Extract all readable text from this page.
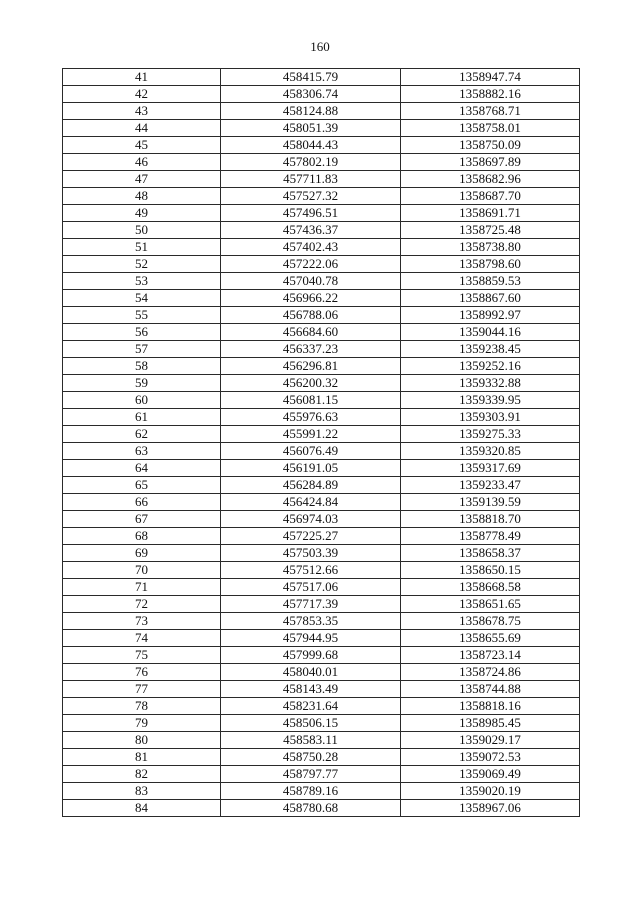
160
41	458415.79	1358947.74
42	458306.74	1358882.16
43	458124.88	1358768.71
44	458051.39	1358758.01
45	458044.43	1358750.09
46	457802.19	1358697.89
47	457711.83	1358682.96
48	457527.32	1358687.70
49	457496.51	1358691.71
50	457436.37	1358725.48
51	457402.43	1358738.80
52	457222.06	1358798.60
53	457040.78	1358859.53
54	456966.22	1358867.60
55	456788.06	1358992.97
56	456684.60	1359044.16
57	456337.23	1359238.45
58	456296.81	1359252.16
59	456200.32	1359332.88
60	456081.15	1359339.95
61	455976.63	1359303.91
62	455991.22	1359275.33
63	456076.49	1359320.85
64	456191.05	1359317.69
65	456284.89	1359233.47
66	456424.84	1359139.59
67	456974.03	1358818.70
68	457225.27	1358778.49
69	457503.39	1358658.37
70	457512.66	1358650.15
71	457517.06	1358668.58
72	457717.39	1358651.65
73	457853.35	1358678.75
74	457944.95	1358655.69
75	457999.68	1358723.14
76	458040.01	1358724.86
77	458143.49	1358744.88
78	458231.64	1358818.16
79	458506.15	1358985.45
80	458583.11	1359029.17
81	458750.28	1359072.53
82	458797.77	1359069.49
83	458789.16	1359020.19
84	458780.68	1358967.06
